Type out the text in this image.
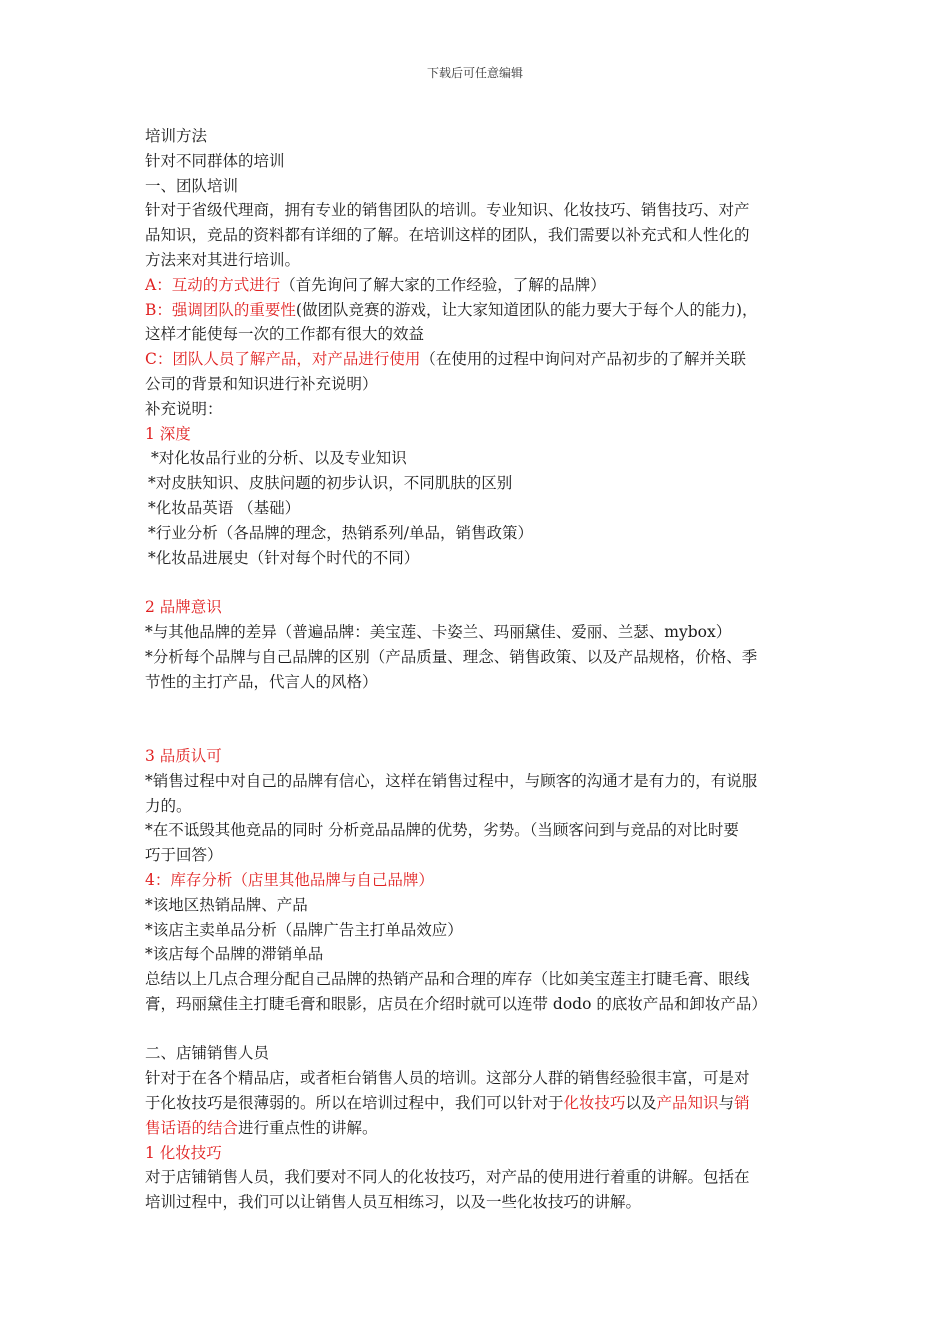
下载后可任意编辑
培训方法
针对不同群体的培训
一、团队培训
针对于省级代理商，拥有专业的销售团队的培训。专业知识、化妆技巧、销售技巧、对产
品知识，竞品的资料都有详细的了解。在培训这样的团队，我们需要以补充式和人性化的
方法来对其进行培训。
A：互动的方式进行（首先询问了解大家的工作经验，了解的品牌）
B：强调团队的重要性(做团队竞赛的游戏，让大家知道团队的能力要大于每个人的能力)，
这样才能使每一次的工作都有很大的效益
C：团队人员了解产品，对产品进行使用（在使用的过程中询问对产品初步的了解并关联
公司的背景和知识进行补充说明）
补充说明：
1 深度
*对化妆品行业的分析、以及专业知识
*对皮肤知识、皮肤问题的初步认识，不同肌肤的区别
*化妆品英语 （基础）
*行业分析（各品牌的理念，热销系列/单品，销售政策）
*化妆品进展史（针对每个时代的不同）
2 品牌意识
*与其他品牌的差异（普遍品牌：美宝莲、卡姿兰、玛丽黛佳、爱丽、兰瑟、mybox）
*分析每个品牌与自己品牌的区别（产品质量、理念、销售政策、以及产品规格，价格、季
节性的主打产品，代言人的风格）
3 品质认可
*销售过程中对自己的品牌有信心，这样在销售过程中，与顾客的沟通才是有力的，有说服
力的。
*在不诋毁其他竞品的同时 分析竞品品牌的优势，劣势。（当顾客问到与竞品的对比时要
巧于回答）
4：库存分析（店里其他品牌与自己品牌）
*该地区热销品牌、产品
*该店主卖单品分析（品牌广告主打单品效应）
*该店每个品牌的滞销单品
总结以上几点合理分配自己品牌的热销产品和合理的库存（比如美宝莲主打睫毛膏、眼线
膏，玛丽黛佳主打睫毛膏和眼影，店员在介绍时就可以连带 dodo 的底妆产品和卸妆产品）
二、店铺销售人员
针对于在各个精品店，或者柜台销售人员的培训。这部分人群的销售经验很丰富，可是对
于化妆技巧是很薄弱的。所以在培训过程中，我们可以针对于化妆技巧以及产品知识与销
售话语的结合进行重点性的讲解。
1 化妆技巧
对于店铺销售人员，我们要对不同人的化妆技巧，对产品的使用进行着重的讲解。包括在
培训过程中，我们可以让销售人员互相练习，以及一些化妆技巧的讲解。
